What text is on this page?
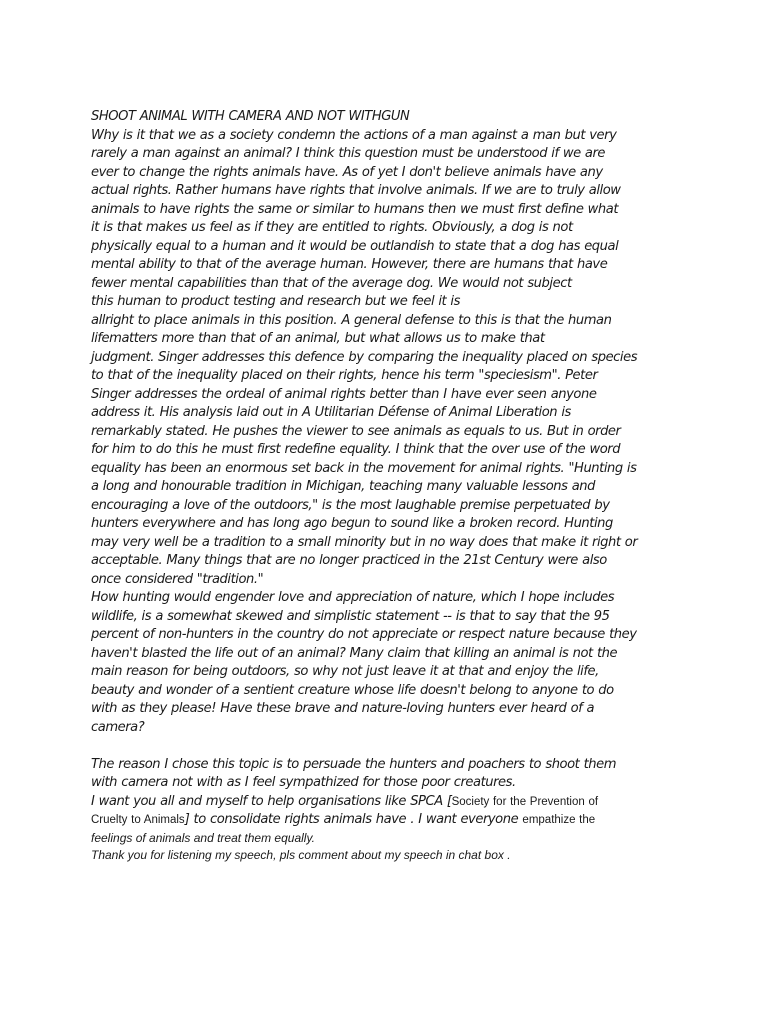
SHOOT ANIMAL WITH CAMERA AND NOT WITHGUN
Why is it that we as a society condemn the actions of a man against a man but very
rarely a man against an animal? I think this question must be understood if we are
ever to change the rights animals have. As of yet I don't believe animals have any
actual rights. Rather humans have rights that involve animals. If we are to truly allow
animals to have rights the same or similar to humans then we must first define what
it is that makes us feel as if they are entitled to rights. Obviously, a dog is not
physically equal to a human and it would be outlandish to state that a dog has equal
mental ability to that of the average human. However, there are humans that have
fewer mental capabilities than that of the average dog. We would not subject
this human to product testing and research but we feel it is
allright to place animals in this position. A general defense to this is that the human
lifematters more than that of an animal, but what allows us to make that
judgment. Singer addresses this defence by comparing the inequality placed on species
to that of the inequality placed on their rights, hence his term "speciesism". Peter
Singer addresses the ordeal of animal rights better than I have ever seen anyone
address it. His analysis laid out in A Utilitarian Défense of Animal Liberation is
remarkably stated. He pushes the viewer to see animals as equals to us. But in order
for him to do this he must first redefine equality. I think that the over use of the word
equality has been an enormous set back in the movement for animal rights. "Hunting is
a long and honourable tradition in Michigan, teaching many valuable lessons and
encouraging a love of the outdoors," is the most laughable premise perpetuated by
hunters everywhere and has long ago begun to sound like a broken record. Hunting
may very well be a tradition to a small minority but in no way does that make it right or
acceptable. Many things that are no longer practiced in the 21st Century were also
once considered "tradition."
How hunting would engender love and appreciation of nature, which I hope includes
wildlife, is a somewhat skewed and simplistic statement -- is that to say that the 95
percent of non-hunters in the country do not appreciate or respect nature because they
haven't blasted the life out of an animal? Many claim that killing an animal is not the
main reason for being outdoors, so why not just leave it at that and enjoy the life,
beauty and wonder of a sentient creature whose life doesn't belong to anyone to do
with as they please! Have these brave and nature-loving hunters ever heard of a
camera?
The reason I chose this topic is to persuade the hunters and poachers to shoot them
with camera not with as I feel sympathized for those poor creatures.
I want you all and myself to help organisations like SPCA [Society for the Prevention of
Cruelty to Animals] to consolidate rights animals have . I want everyone empathize the
feelings of animals and treat them equally.
Thank you for listening my speech, pls comment about my speech in chat box .
